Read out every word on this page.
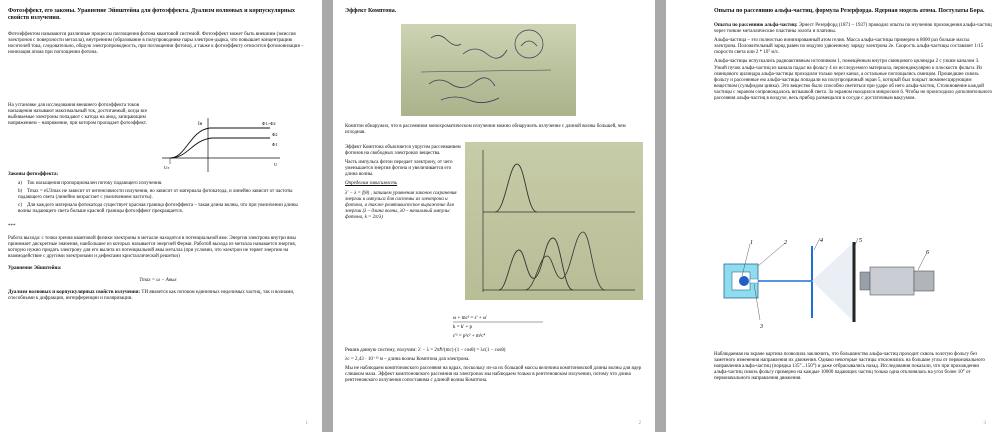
Фотоэффект, его законы. Уравнение Эйнштейна для фотоэффекта. Дуализм волновых и корпускулярных свойств излучения.

Фотоэффектом называются различные процессы поглощения фотона квантовой системой. Фотоэффект может быть внешним (эмиссия электронов с поверхности металла), внутренним (образование в полупроводнике пары электрон-дырка, что повышает концентрацию носителей тока, следовательно, общую электропроводность, при поглощении фотона), а также к фотоэффекту относится фотоионизация – ионизация атома при поглощении фотона.

На установке для исследования внешнего фотоэффекта токов насыщения называют максимальный ток, достигаемый, когда все выбиваемые электроны попадают с катода на анод, запирающим напряжением – напряжение, при котором пропадает фотоэффект.	Iн	Φ1>Φ2
Φ2
Φ1
Uз
U

Законы фотоэффекта:

a) Ток насыщения пропорционален потоку падающего излучения.
b) Tmax = eU3max не зависит от интенсивности излучения, но зависит от материала фотокатода, и линейно зависит от частоты падающего света (линейно возрастает с увеличением частоты).
c) Для каждого материала фотокатода существует красная граница фотоэффекта – такая длина волны, что при увеличении длины волны падающего света больше красной границы фотоэффект прекращается.

***

Работа выхода: с точки зрения квантовой физики электроны в металле находятся в потенциальной яме. Энергия электрона внутри ямы принимает дискретные значения, наибольшее из которых называется энергией Ферми. Работой выхода из металла называется энергия, которую нужно придать электрону для его вылета из потенциальной ямы металла (при условии, что электрон не теряет энергию на взаимодействие с другими электронами и дефектами кристаллической решетки)

Уравнение Эйнштейна:

Tmax = ω − Aвых

Дуализм волновых и корпускулярных свойств излучения: ТИ является как потоком единичных неделимых частиц, так и волнами, способными к дифракции, интерференции и поляризации.

1

Эффект Комптона.

Комптон обнаружил, что в рассеянном монохроматическом излучении можно обнаружить излучение с длиной волны большей, чем исходная.

Эффект Комптона объясняется упругим рассеиванием фотонов на свободных электронах вещества.

Часть импульса фотон передает электрону, от чего уменьшается энергия фотона и увеличивается его длина волны.

Определим зависимость

λ' − λ = f(θ) , запишем уравнения законов сохранения энергии и импульса для системы из электрона и фотона, а также релятивистское выражение для энергии (λ – длина волны, λ0 – начальный импульс фотона, k = 2π/λ)

ω + mc² = ε' + ω'
k = k' + p
ε'² = p²c² + m²c⁴

Решив данную систему, получим: λ' − λ = 2πℏ/(mc)·(1 − cosθ) = λc(1 − cosθ)

λc = 2,43 · 10⁻¹² м – длина волны Комптона для электрона.

Мы не наблюдаем комптоновского рассеяния на ядрах, поскольку из-за их большой массы величина комптоновской длины волны для ядер слишком мала. Эффект комптоновского рассеяния на электронах мы наблюдаем только в рентгеновском излучении, потому что длина рентгеновского излучения сопоставима с длиной волны Комптона.

2

Опыты по рассеянию альфа-частиц, формула Резерфорда. Ядерная модель атома. Постулаты Бора.

Опыты по рассеянию альфа-частиц: Эрнест Резерфорд (1871 – 1937) проводил опыты по изучению прохождения альфа-частиц через тонкие металлические пластины золота и платины.

Альфа-частица – это полностью ионизированный атом гелия. Масса альфа-частицы примерно в 8000 раз больше массы электрона. Положительный заряд равен по модулю удвоенному заряду электрона 2e. Скорость альфа-частицы составляет 1/15 скорости света или 2 * 10⁷ м/с.

Альфа-частицы испускались радиоактивным источником 1, помещённым внутри свинцового цилиндра 2 с узким каналом 3. Узкий пучок альфа-частиц из канала падал на фольгу 4 из исследуемого материала, перпендикулярно к плоскости фольги. Из свинцового цилиндра альфа-частицы проходили только через канал, а остальные поглощались свинцом. Прошедшие сквозь фольгу и рассеянные ею альфа-частицы попадали на полупрозрачный экран 5, который был покрыт люминесцирующим веществом (сульфидом цинка). Это вещество было способно светиться при ударе об него альфа-частиц. Столкновение каждой частицы с экраном сопровождалось вспышкой света. За экраном находился микроскоп 6. Чтобы не происходило дополнительного рассеяния альфа-частиц в воздухе, весь прибор размещался в сосуде с достаточным вакуумом.

1	2	4	5
6
3
Наблюдаемая на экране картина позволила заключить, что большинство альфа-частиц проходит сквозь золотую фольгу без заметного изменения направления их движения. Однако некоторые частицы отклонялись на большие углы от первоначального направления альфа-частиц (порядка 135°...150°) и даже отбрасывались назад. Исследования показали, что при прохождении альфа-частиц сквозь фольгу примерно на каждые 10000 падающих частиц только одна отклонялась на угол более 10° от первоначального направления движения.
3
